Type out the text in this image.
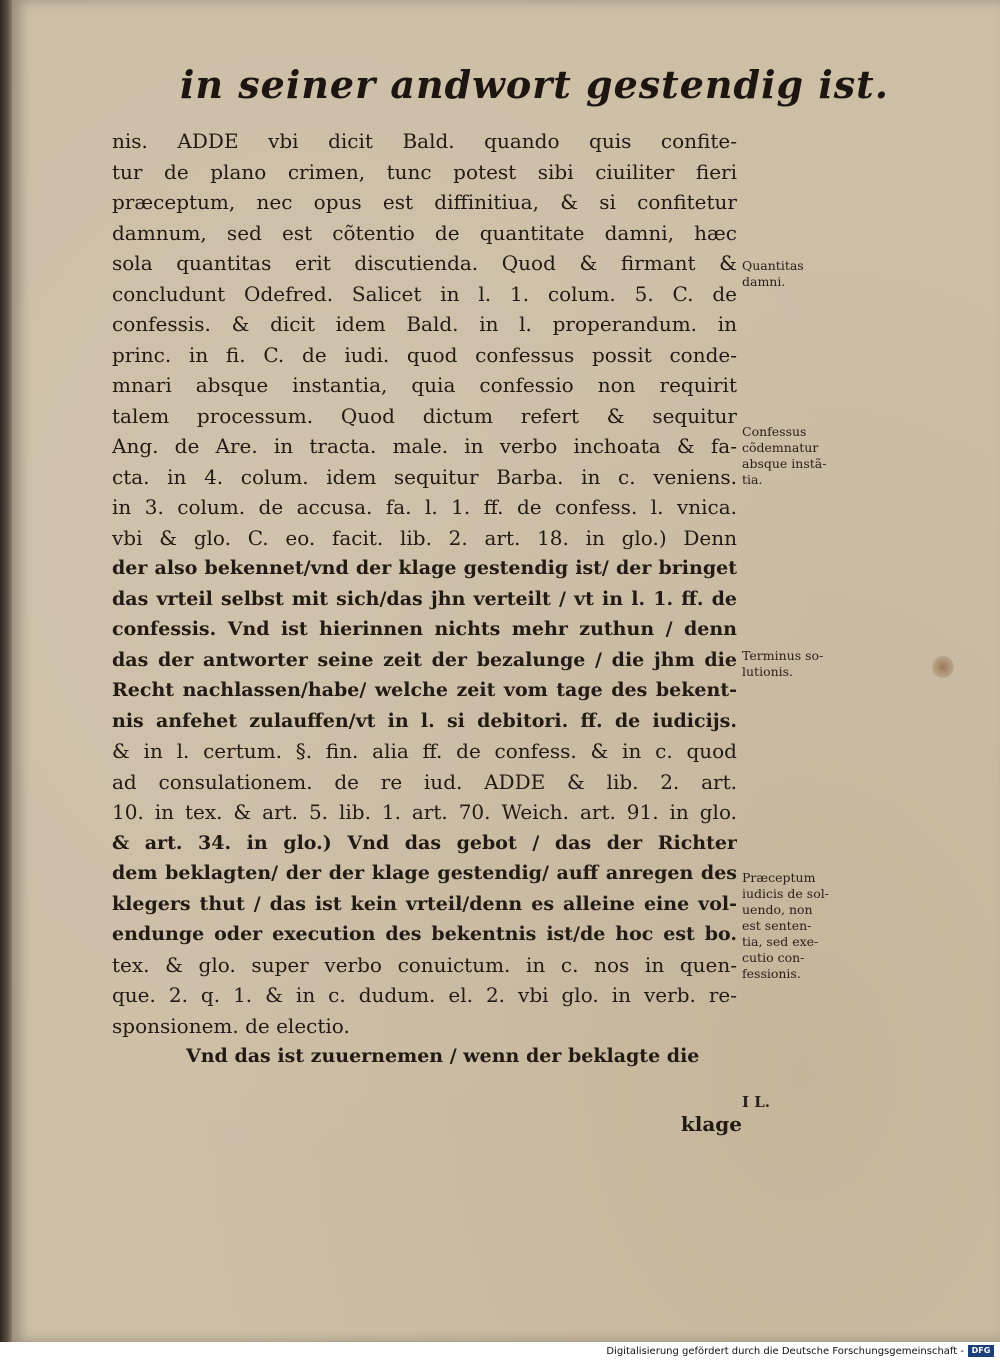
in seiner andwort gestendig ist.
nis. ADDE vbi dicit Bald. quando quis confite-
tur de plano crimen, tunc potest sibi ciuiliter fieri
præceptum, nec opus est diffinitiua, & si confitetur
damnum, sed est cõtentio de quantitate damni, hæc
sola quantitas erit discutienda. Quod & firmant &
concludunt Odefred. Salicet in l. 1. colum. 5. C. de
confessis. & dicit idem Bald. in l. properandum. in
princ. in fi. C. de iudi. quod confessus possit conde-
mnari absque instantia, quia confessio non requirit
talem processum. Quod dictum refert & sequitur
Ang. de Are. in tracta. male. in verbo inchoata & fa-
cta. in 4. colum. idem sequitur Barba. in c. veniens.
in 3. colum. de accusa. fa. l. 1. ff. de confess. l. vnica.
vbi & glo. C. eo. facit. lib. 2. art. 18. in glo.) Denn
der also bekennet/vnd der klage gestendig ist/ der bringet
das vrteil selbst mit sich/das jhn verteilt / vt in l. 1. ff. de
confessis. Vnd ist hierinnen nichts mehr zuthun / denn
das der antworter seine zeit der bezalunge / die jhm die
Recht nachlassen/habe/ welche zeit vom tage des bekent-
nis anfehet zulauffen/vt in l. si debitori. ff. de iudicijs.
& in l. certum. §. fin. alia ff. de confess. & in c. quod
ad consulationem. de re iud. ADDE & lib. 2. art.
10. in tex. & art. 5. lib. 1. art. 70. Weich. art. 91. in glo.
& art. 34. in glo.) Vnd das gebot / das der Richter
dem beklagten/ der der klage gestendig/ auff anregen des
klegers thut / das ist kein vrteil/denn es alleine eine vol-
endunge oder execution des bekentnis ist/de hoc est bo.
tex. & glo. super verbo conuictum. in c. nos in quen-
que. 2. q. 1. & in c. dudum. el. 2. vbi glo. in verb. re-
sponsionem. de electio.
Vnd das ist zuuernemen / wenn der beklagte die
klage
Quantitas
damni.
Confessus
cõdemnatur
absque instã-
tia.
Terminus so-
lutionis.
Præceptum
iudicis de sol-
uendo, non
est senten-
tia, sed exe-
cutio con-
fessionis.
I L.
Digitalisierung gefördert durch die Deutsche Forschungsgemeinschaft - DFG
